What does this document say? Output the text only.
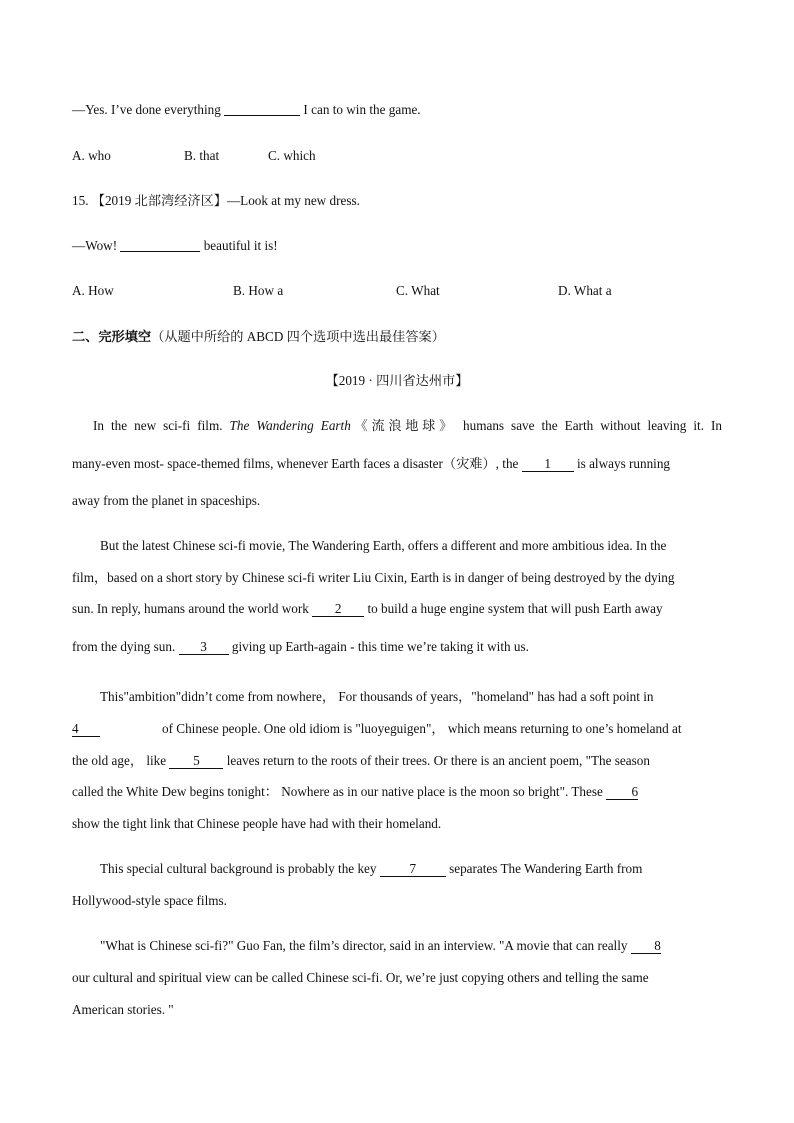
—Yes. I’ve done everything	I can to win the game.
A. who	B. that	C. which
15. 【2019 北部湾经济区】—Look at my new dress.
—Wow!	beautiful it is!
A. How	B. How a	C. What	D. What a
二、完形填空（从题中所给的 ABCD 四个选项中选出最佳答案）
【2019 · 四川省达州市】
In the new sci-fi film. The Wandering Earth《流浪地球》 humans save the Earth without leaving it. In
many-even most- space-themed films, whenever Earth faces a disaster（灾难）, the 1 is always running
away from the planet in spaceships.
But the latest Chinese sci-fi movie, The Wandering Earth, offers a different and more ambitious idea. In the
film，based on a short story by Chinese sci-fi writer Liu Cixin, Earth is in danger of being destroyed by the dying
sun. In reply, humans around the world work 2 to build a huge engine system that will push Earth away
from the dying sun. 3 giving up Earth-again - this time we’re taking it with us.
This"ambition"didn’t come from nowhere， For thousands of years，"homeland" has had a soft point in
4	of Chinese people. One old idiom is "luoyeguigen"， which means returning to one’s homeland at
the old age， like 5 leaves return to the roots of their trees. Or there is an ancient poem, "The season
called the White Dew begins tonight： Nowhere as in our native place is the moon so bright". These 6
show the tight link that Chinese people have had with their homeland.
This special cultural background is probably the key 7 separates The Wandering Earth from
Hollywood-style space films.
"What is Chinese sci-fi?" Guo Fan, the film’s director, said in an interview. "A movie that can really 8
our cultural and spiritual view can be called Chinese sci-fi. Or, we’re just copying others and telling the same
American stories. "
